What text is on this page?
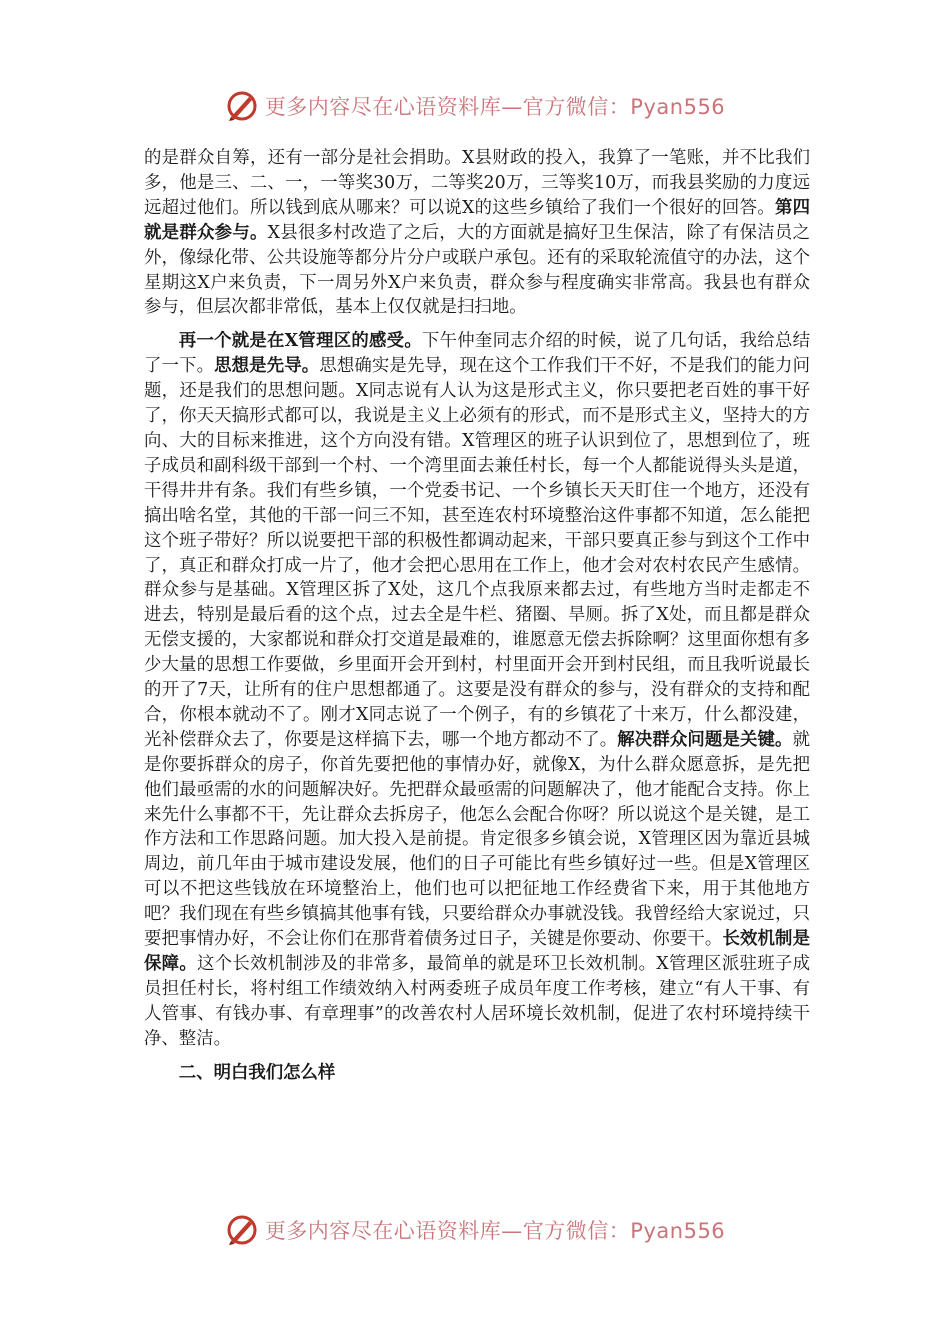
更多内容尽在心语资料库—官方微信：Pyan556

的是群众自筹，还有一部分是社会捐助。X县财政的投入，我算了一笔账，并不比我们多，他是三、二、一，一等奖30万，二等奖20万，三等奖10万，而我县奖励的力度远远超过他们。所以钱到底从哪来？可以说X的这些乡镇给了我们一个很好的回答。第四就是群众参与。X县很多村改造了之后，大的方面就是搞好卫生保洁，除了有保洁员之外，像绿化带、公共设施等都分片分户或联户承包。还有的采取轮流值守的办法，这个星期这X户来负责，下一周另外X户来负责，群众参与程度确实非常高。我县也有群众参与，但层次都非常低，基本上仅仅就是扫扫地。

再一个就是在X管理区的感受。下午仲奎同志介绍的时候，说了几句话，我给总结了一下。思想是先导。思想确实是先导，现在这个工作我们干不好，不是我们的能力问题，还是我们的思想问题。X同志说有人认为这是形式主义，你只要把老百姓的事干好了，你天天搞形式都可以，我说是主义上必须有的形式，而不是形式主义，坚持大的方向、大的目标来推进，这个方向没有错。X管理区的班子认识到位了，思想到位了，班子成员和副科级干部到一个村、一个湾里面去兼任村长，每一个人都能说得头头是道，干得井井有条。我们有些乡镇，一个党委书记、一个乡镇长天天盯住一个地方，还没有搞出啥名堂，其他的干部一问三不知，甚至连农村环境整治这件事都不知道，怎么能把这个班子带好？所以说要把干部的积极性都调动起来，干部只要真正参与到这个工作中了，真正和群众打成一片了，他才会把心思用在工作上，他才会对农村农民产生感情。群众参与是基础。X管理区拆了X处，这几个点我原来都去过，有些地方当时走都走不进去，特别是最后看的这个点，过去全是牛栏、猪圈、旱厕。拆了X处，而且都是群众无偿支援的，大家都说和群众打交道是最难的，谁愿意无偿去拆除啊？这里面你想有多少大量的思想工作要做，乡里面开会开到村，村里面开会开到村民组，而且我听说最长的开了7天，让所有的住户思想都通了。这要是没有群众的参与，没有群众的支持和配合，你根本就动不了。刚才X同志说了一个例子，有的乡镇花了十来万，什么都没建，光补偿群众去了，你要是这样搞下去，哪一个地方都动不了。解决群众问题是关键。就是你要拆群众的房子，你首先要把他的事情办好，就像X，为什么群众愿意拆，是先把他们最亟需的水的问题解决好。先把群众最亟需的问题解决了，他才能配合支持。你上来先什么事都不干，先让群众去拆房子，他怎么会配合你呀？所以说这个是关键，是工作方法和工作思路问题。加大投入是前提。肯定很多乡镇会说，X管理区因为靠近县城周边，前几年由于城市建设发展，他们的日子可能比有些乡镇好过一些。但是X管理区可以不把这些钱放在环境整治上，他们也可以把征地工作经费省下来，用于其他地方吧？我们现在有些乡镇搞其他事有钱，只要给群众办事就没钱。我曾经给大家说过，只要把事情办好，不会让你们在那背着债务过日子，关键是你要动、你要干。长效机制是保障。这个长效机制涉及的非常多，最简单的就是环卫长效机制。X管理区派驻班子成员担任村长，将村组工作绩效纳入村两委班子成员年度工作考核，建立“有人干事、有人管事、有钱办事、有章理事”的改善农村人居环境长效机制，促进了农村环境持续干净、整洁。

二、明白我们怎么样

更多内容尽在心语资料库—官方微信：Pyan556
